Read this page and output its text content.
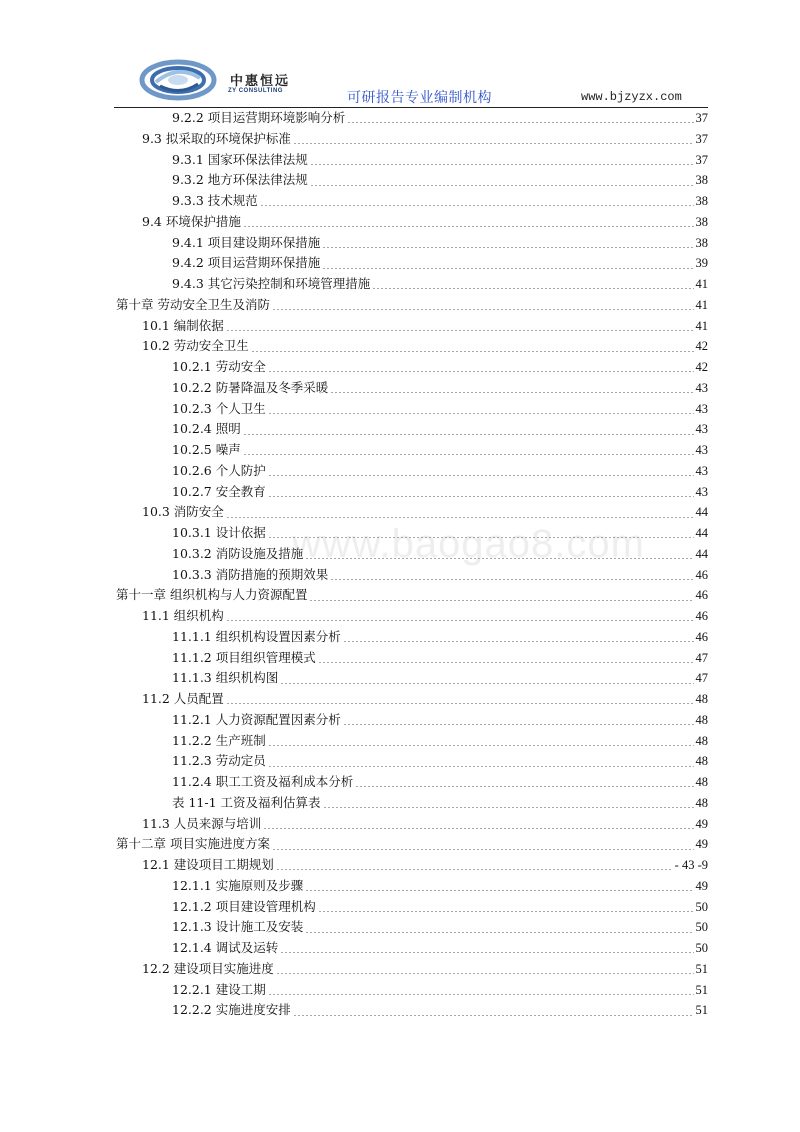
中惠恒远
ZY CONSULTING	可研报告专业编制机构	www.bjzyzx.com
9.2.2 项目运营期环境影响分析	37
9.3 拟采取的环境保护标准	37
9.3.1 国家环保法律法规	37
9.3.2 地方环保法律法规	38
9.3.3 技术规范	38
9.4 环境保护措施	38
9.4.1 项目建设期环保措施	38
9.4.2 项目运营期环保措施	39
9.4.3 其它污染控制和环境管理措施	41
第十章 劳动安全卫生及消防	41
10.1 编制依据	41
10.2 劳动安全卫生	42
10.2.1 劳动安全	42
10.2.2 防暑降温及冬季采暖	43
10.2.3 个人卫生	43
10.2.4 照明	43
10.2.5 噪声	43
10.2.6 个人防护	43
10.2.7 安全教育	43
10.3 消防安全	44
10.3.1 设计依据	44
10.3.2 消防设施及措施	44
10.3.3 消防措施的预期效果	46
第十一章 组织机构与人力资源配置	46
11.1 组织机构	46
11.1.1 组织机构设置因素分析	46
11.1.2 项目组织管理模式	47
11.1.3 组织机构图	47
11.2 人员配置	48
11.2.1 人力资源配置因素分析	48
11.2.2 生产班制	48
11.2.3 劳动定员	48
11.2.4 职工工资及福利成本分析	48
表 11-1 工资及福利估算表	48
11.3 人员来源与培训	49
第十二章 项目实施进度方案	49
12.1 建设项目工期规划	- 43 -9
12.1.1 实施原则及步骤	49
12.1.2 项目建设管理机构	50
12.1.3 设计施工及安装	50
12.1.4 调试及运转	50
12.2 建设项目实施进度	51
12.2.1 建设工期	51
12.2.2 实施进度安排	51
www.baogao8.com
